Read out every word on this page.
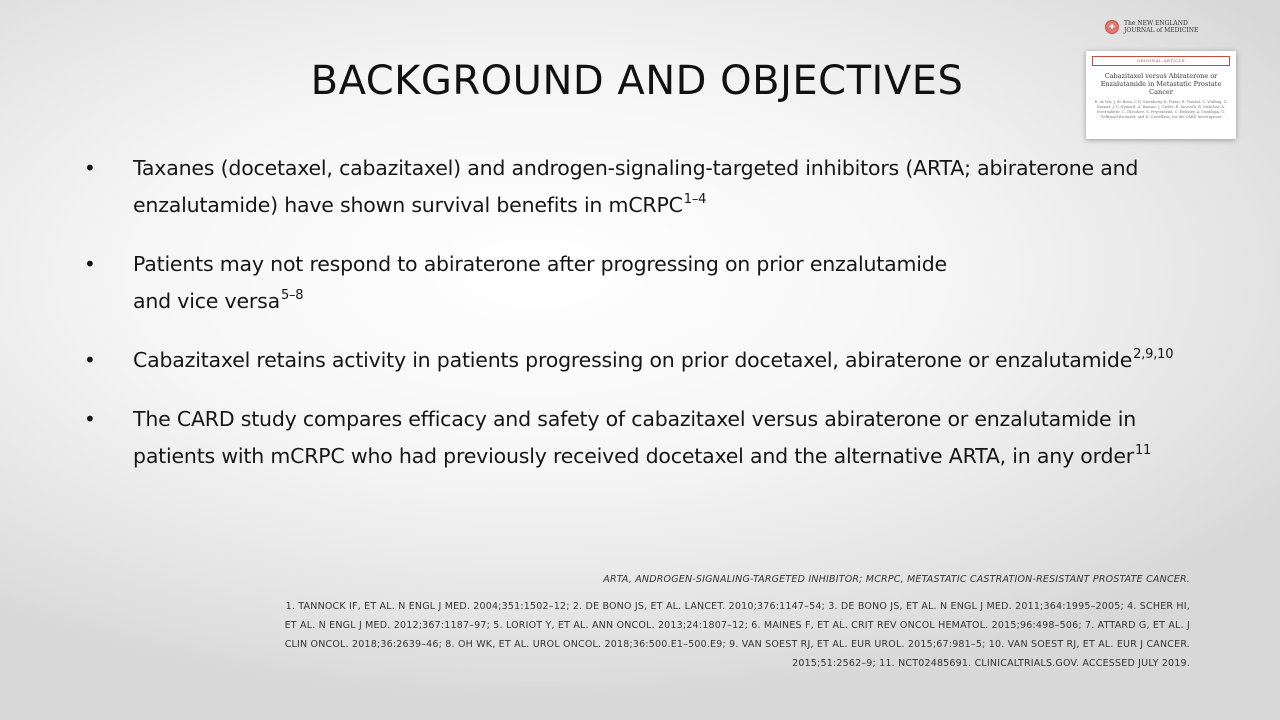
BACKGROUND AND OBJECTIVES
• Taxanes (docetaxel, cabazitaxel) and androgen-signaling-targeted inhibitors (ARTA; abiraterone and enzalutamide) have shown survival benefits in mCRPC$^{1-4}$
• Patients may not respond to abiraterone after progressing on prior enzalutamide
and vice versa$^{5-8}$
• Cabazitaxel retains activity in patients progressing on prior docetaxel, abiraterone or enzalutamide$^{2,9,10}$
• The CARD study compares efficacy and safety of cabazitaxel versus abiraterone or enzalutamide in patients with mCRPC who had previously received docetaxel and the alternative ARTA, in any order$^{11}$
ARTA, ANDROGEN-SIGNALING-TARGETED INHIBITOR; MCRPC, METASTATIC CASTRATION-RESISTANT PROSTATE CANCER.
1. TANNOCK IF, ET AL. N ENGL J MED. 2004;351:1502–12; 2. DE BONO JS, ET AL. LANCET. 2010;376:1147–54; 3. DE BONO JS, ET AL. N ENGL J MED. 2011;364:1995–2005; 4. SCHER HI, ET AL. N ENGL J MED. 2012;367:1187–97; 5. LORIOT Y, ET AL. ANN ONCOL. 2013;24:1807–12; 6. MAINES F, ET AL. CRIT REV ONCOL HEMATOL. 2015;96:498–506; 7. ATTARD G, ET AL. J CLIN ONCOL. 2018;36:2639–46; 8. OH WK, ET AL. UROL ONCOL. 2018;36:500.E1–500.E9; 9. VAN SOEST RJ, ET AL. EUR UROL. 2015;67:981–5; 10. VAN SOEST RJ, ET AL. EUR J CANCER. 2015;51:2562–9; 11. NCT02485691. CLINICALTRIALS.GOV. ACCESSED JULY 2019.
✚	The NEW ENGLAND
JOURNAL of MEDICINE
ORIGINAL ARTICLE
Cabazitaxel versus Abiraterone or Enzalutamide in Metastatic Prostate Cancer
R. de Wit, J. de Bono, C.N. Sternberg, K. Fizazi, B. Tombal, C. Wülfing, G. Kramer, J.-C. Eymard, A. Bamias, J. Carles, R. Iacovelli, B. Melichar, Á. Sverrisdóttir, C. Theodore, S. Feyerabend, C. Helissey, A. Ozatilgan, C. Geffriaud-Ricouard, and D. Castellano, for the CARD Investigators
